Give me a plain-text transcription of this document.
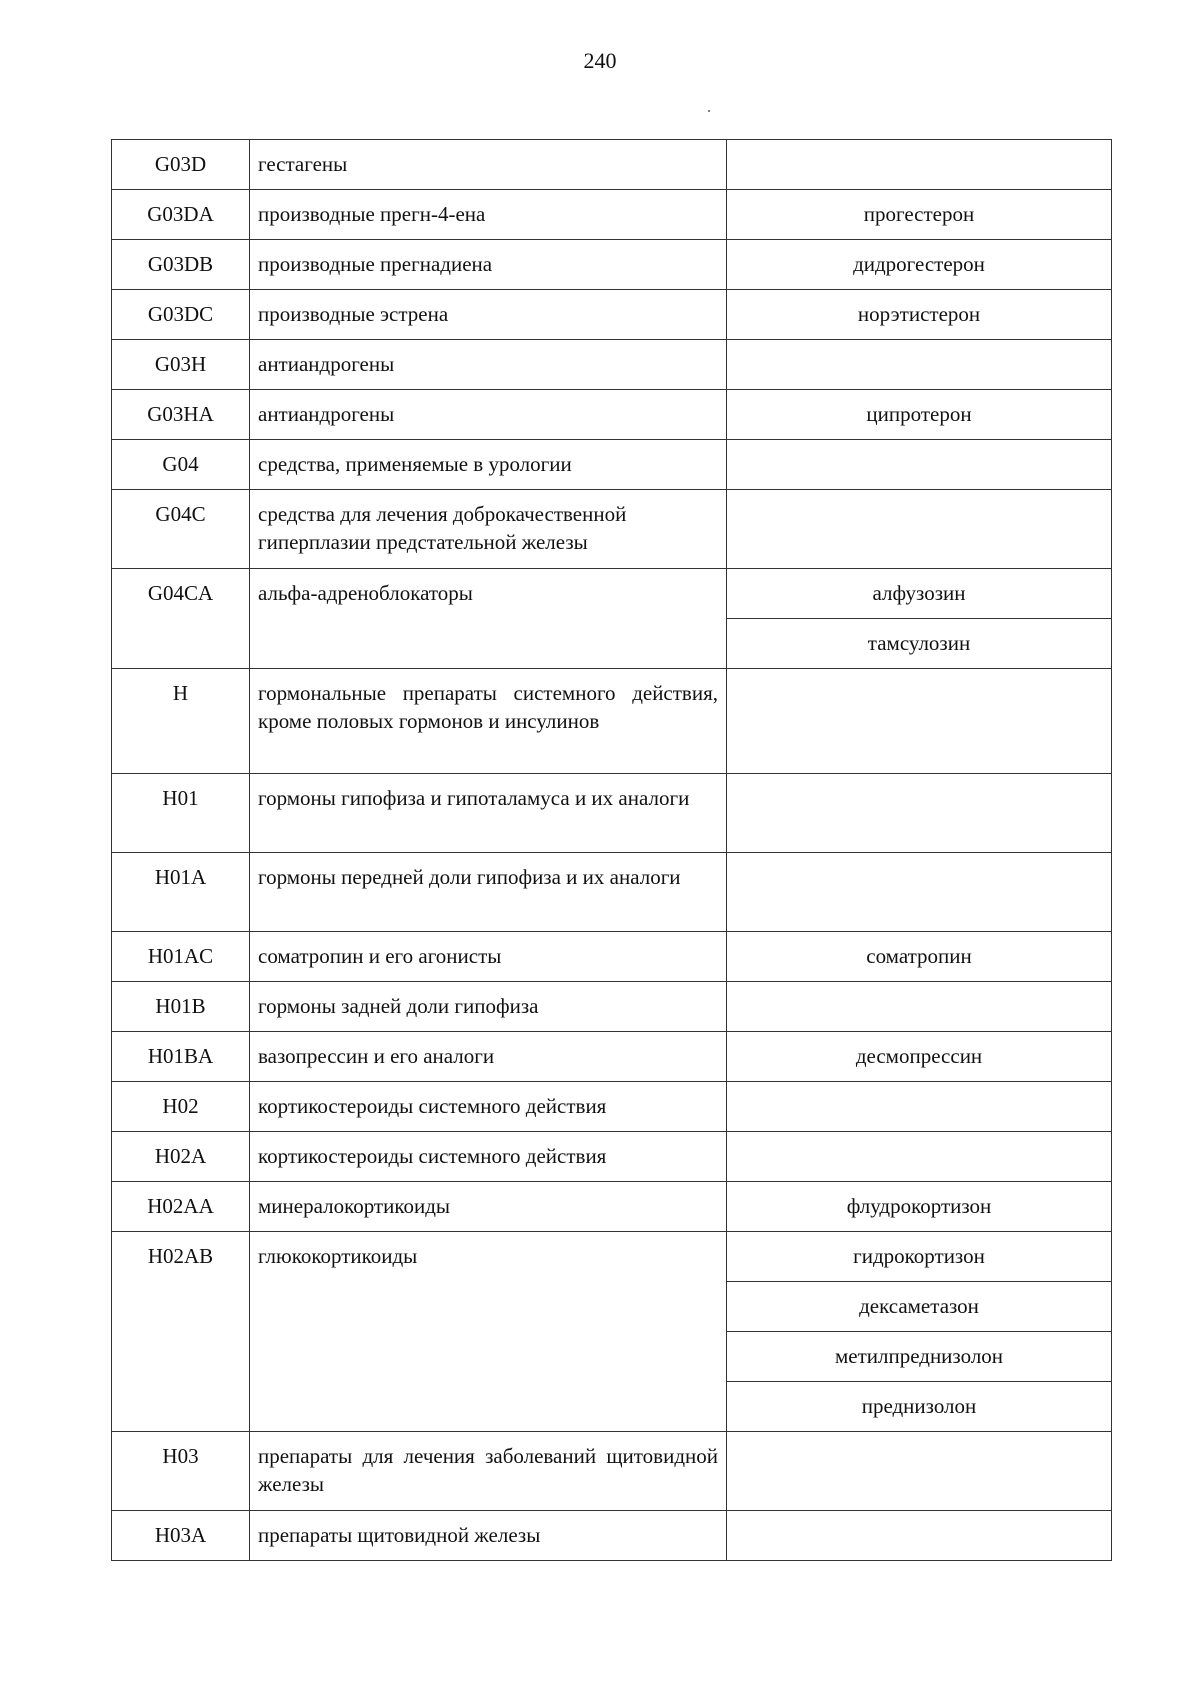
240
G03D	гестагены	
G03DA	производные прегн-4-ена	прогестерон
G03DB	производные прегнадиена	дидрогестерон
G03DC	производные эстрена	норэтистерон
G03H	антиандрогены	
G03HA	антиандрогены	ципротерон
G04	средства, применяемые в урологии	
G04C	средства для лечения доброкачественной гиперплазии предстательной железы	
G04CA	альфа-адреноблокаторы	алфузозин
		тамсулозин
H	гормональные препараты системного действия, кроме половых гормонов и инсулинов	
H01	гормоны гипофиза и гипоталамуса и их аналоги	
H01A	гормоны передней доли гипофиза и их аналоги	
H01AC	соматропин и его агонисты	соматропин
H01B	гормоны задней доли гипофиза	
H01BA	вазопрессин и его аналоги	десмопрессин
H02	кортикостероиды системного действия	
H02A	кортикостероиды системного действия	
H02AA	минералокортикоиды	флудрокортизон
H02AB	глюкокортикоиды	гидрокортизон
		дексаметазон
		метилпреднизолон
		преднизолон
H03	препараты для лечения заболеваний щитовидной железы	
H03A	препараты щитовидной железы	
